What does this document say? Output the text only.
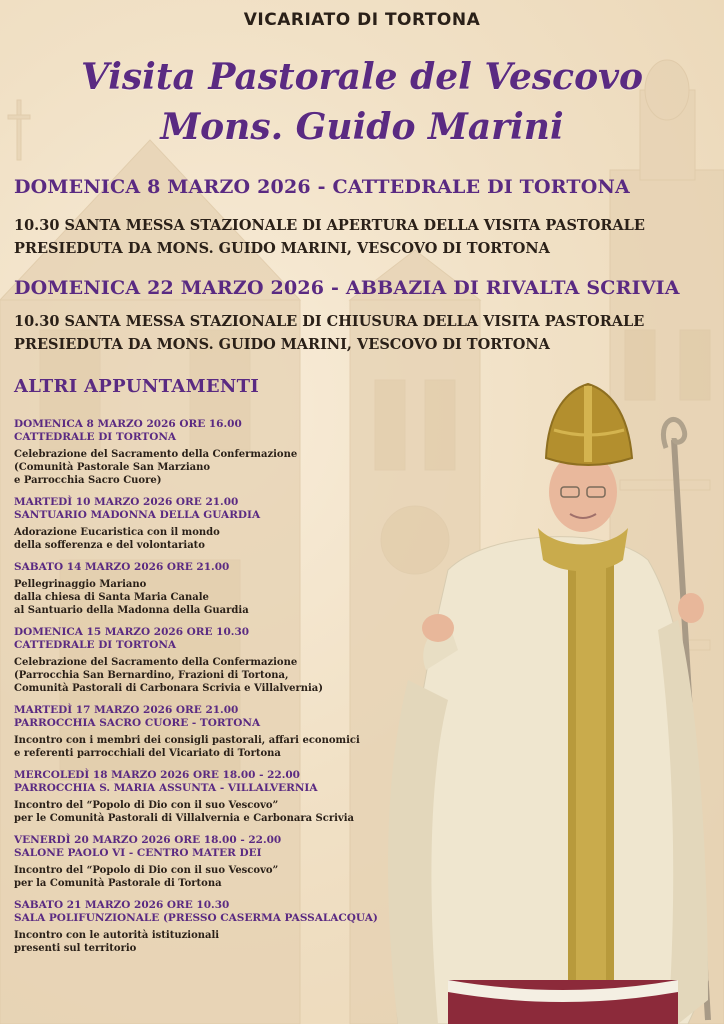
VICARIATO DI TORTONA
Visita Pastorale del Vescovo
Mons. Guido Marini
DOMENICA 8 MARZO 2026 - CATTEDRALE DI TORTONA
10.30 SANTA MESSA STAZIONALE DI APERTURA DELLA VISITA PASTORALE
PRESIEDUTA DA MONS. GUIDO MARINI, VESCOVO DI TORTONA
DOMENICA 22 MARZO 2026 - ABBAZIA DI RIVALTA SCRIVIA
10.30 SANTA MESSA STAZIONALE DI CHIUSURA DELLA VISITA PASTORALE
PRESIEDUTA DA MONS. GUIDO MARINI, VESCOVO DI TORTONA
ALTRI APPUNTAMENTI
DOMENICA 8 MARZO 2026 ORE 16.00
CATTEDRALE DI TORTONA
Celebrazione del Sacramento della Confermazione
(Comunità Pastorale San Marziano
e Parrocchia Sacro Cuore)
MARTEDÌ 10 MARZO 2026 ORE 21.00
SANTUARIO MADONNA DELLA GUARDIA
Adorazione Eucaristica con il mondo
della sofferenza e del volontariato
SABATO 14 MARZO 2026 ORE 21.00
Pellegrinaggio Mariano
dalla chiesa di Santa Maria Canale
al Santuario della Madonna della Guardia
DOMENICA 15 MARZO 2026 ORE 10.30
CATTEDRALE DI TORTONA
Celebrazione del Sacramento della Confermazione
(Parrocchia San Bernardino, Frazioni di Tortona,
Comunità Pastorali di Carbonara Scrivia e Villalvernia)
MARTEDÌ 17 MARZO 2026 ORE 21.00
PARROCCHIA SACRO CUORE - TORTONA
Incontro con i membri dei consigli pastorali, affari economici
e referenti parrocchiali del Vicariato di Tortona
MERCOLEDÌ 18 MARZO 2026 ORE 18.00 - 22.00
PARROCCHIA S. MARIA ASSUNTA - VILLALVERNIA
Incontro del “Popolo di Dio con il suo Vescovo”
per le Comunità Pastorali di Villalvernia e Carbonara Scrivia
VENERDÌ 20 MARZO 2026 ORE 18.00 - 22.00
SALONE PAOLO VI - CENTRO MATER DEI
Incontro del “Popolo di Dio con il suo Vescovo”
per la Comunità Pastorale di Tortona
SABATO 21 MARZO 2026 ORE 10.30
SALA POLIFUNZIONALE (PRESSO CASERMA PASSALACQUA)
Incontro con le autorità istituzionali
presenti sul territorio
